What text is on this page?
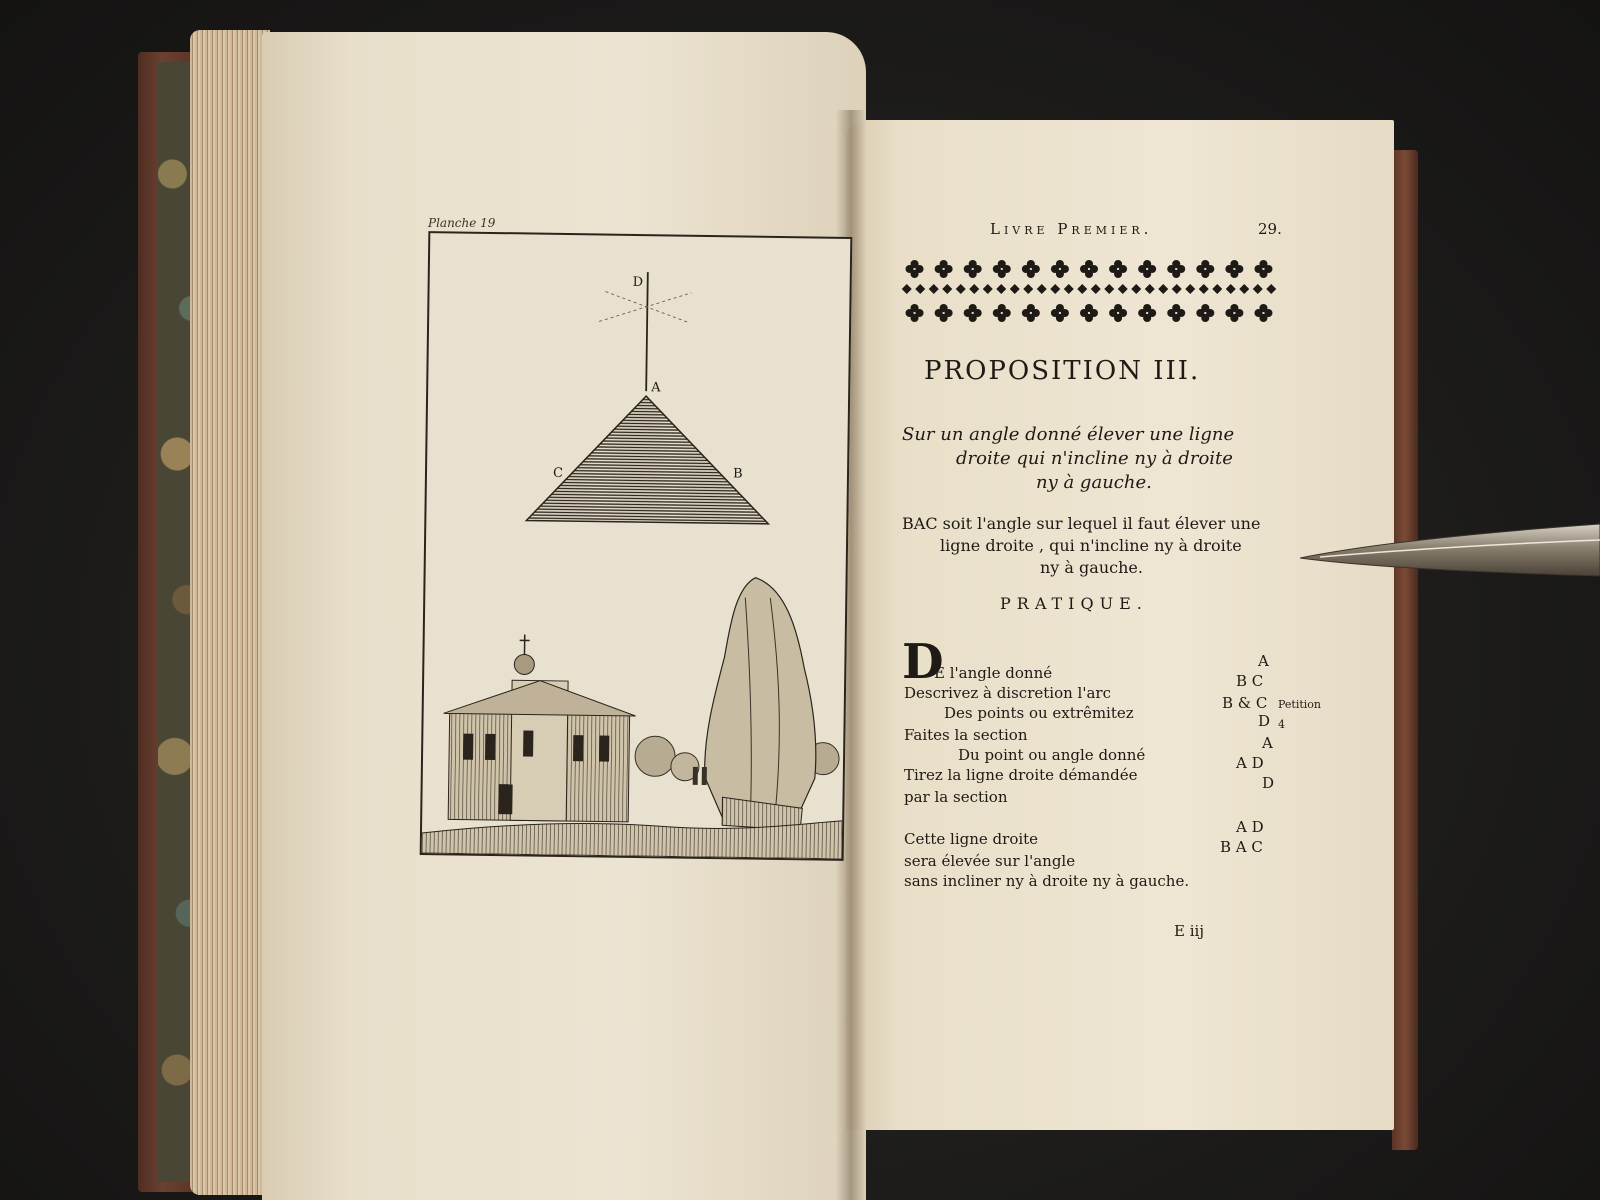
Planche 19
D
A
C	B
Livre Premier.	29.
PROPOSITION III.
Sur un angle donné élever une ligne
droite qui n'incline ny à droite
ny à gauche.
BAC soit l'angle sur lequel il faut élever une
ligne droite , qui n'incline ny à droite
ny à gauche.
PRATIQUE.
D
E l'angle donné
A
Descrivez à discretion l'arc
B C
Des points ou extrêmitez
B & C Petition
Faites la section
D 4
Du point ou angle donné
A
Tirez la ligne droite démandée
A D
par la section
D
Cette ligne droite
A D
sera élevée sur l'angle
B A C
sans incliner ny à droite ny à gauche.
E iij
